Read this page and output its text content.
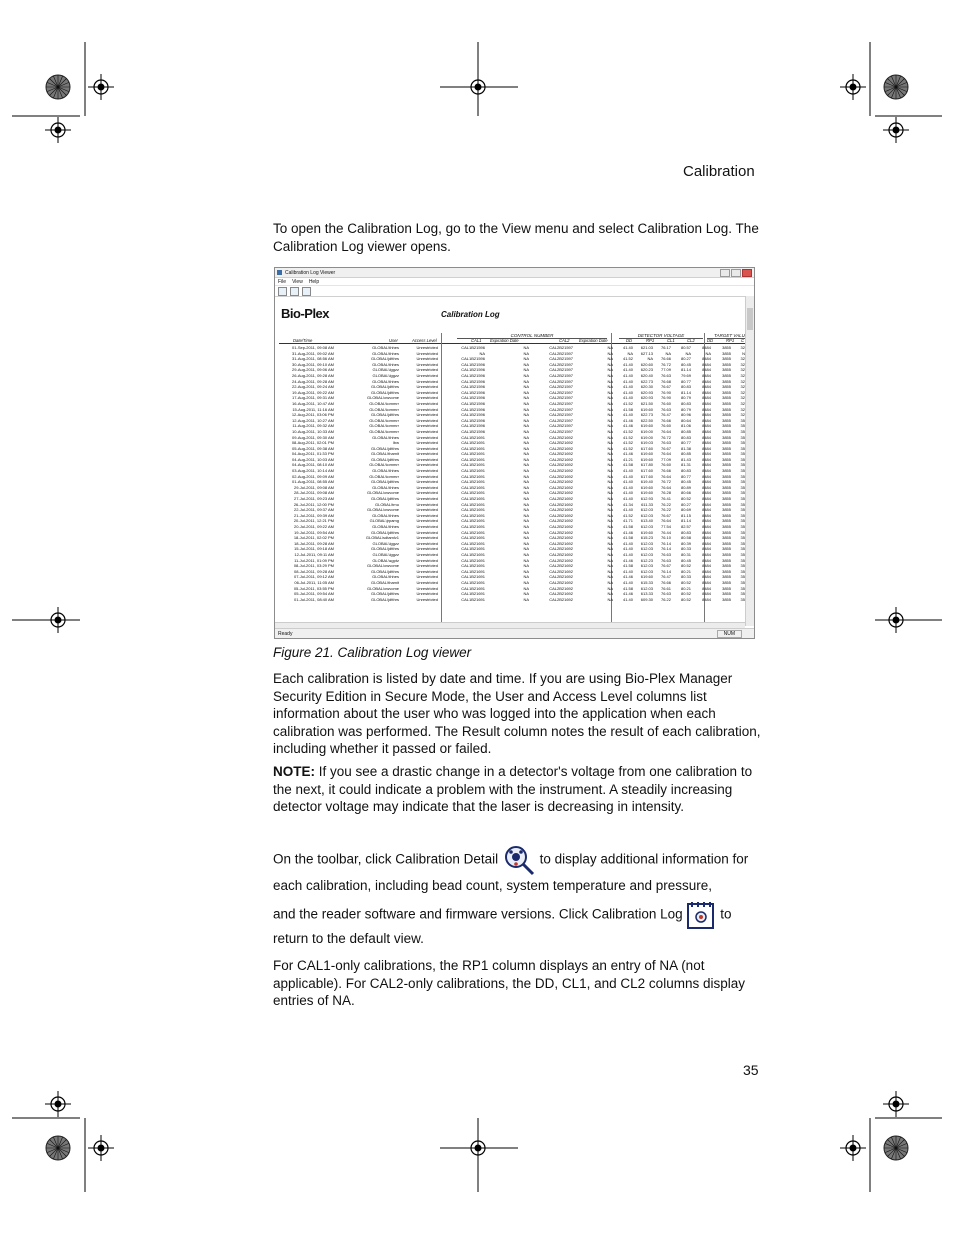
Calibration

To open the Calibration Log, go to the View menu and select Calibration Log. The Calibration Log viewer opens.

Calibration Log Viewer
File View Help
Bio-Plex	Calibration Log
CONTROL NUMBER	DETECTOR VOLTAGE	TARGET VALU
Date/Time	User	Access Level	CAL1 Expiration Date	CAL2 Expiration Date	DD	RP1	CL1	CL2	DD	RP1 C
01-Sep-2011, 09:08 AM	GLOBAL\thhes	Unrestricted	CAL1B21596	NA	CAL2B21597	NA	41.40	621.03	76.17	80.57	8484	3855	32
31-Aug-2011, 09:02 AM	GLOBAL\thhes	Unrestricted	NA	NA	CAL2B21597	NA	NA	627.13	NA	NA	NA	3855	N
31-Aug-2011, 08:56 AM	GLOBAL\jdtthrs	Unrestricted	CAL1B21596	NA	CAL2B21597	NA	41.52	NA	76.66	80.27	8484	3855	32
30-Aug-2011, 09:10 AM	GLOBAL\thhes	Unrestricted	CAL1B21596	NA	CAL2B21597	NA	41.40	620.60	76.72	80.45	8484	3855	32
29-Aug-2011, 09:06 AM	GLOBAL\lggzz	Unrestricted	CAL1B21596	NA	CAL2B21597	NA	41.40	620.23	77.09	81.14	8484	3855	32
26-Aug-2011, 09:28 AM	GLOBAL\lggzz	Unrestricted	CAL1B21596	NA	CAL2B21597	NA	41.40	620.40	76.63	79.69	8484	3855	32
24-Aug-2011, 09:28 AM	GLOBAL\thhes	Unrestricted	CAL1B21596	NA	CAL2B21597	NA	41.40	622.73	76.68	80.77	8484	3855	32
22-Aug-2011, 09:24 AM	GLOBAL\jdtthrs	Unrestricted	CAL1B21596	NA	CAL2B21597	NA	41.40	620.30	76.67	80.83	8484	3855	32
19-Aug-2011, 09:22 AM	GLOBAL\jdtthrs	Unrestricted	CAL1B21596	NA	CAL2B21597	NA	41.40	620.93	76.90	81.14	8484	3855	32
17-Aug-2011, 09:31 AM	GLOBAL\owvome	Unrestricted	CAL1B21596	NA	CAL2B21597	NA	41.40	620.93	76.90	80.79	8484	3855	32
16-Aug-2011, 10:47 AM	GLOBAL\tommrr	Unrestricted	CAL1B21596	NA	CAL2B21597	NA	41.52	621.50	76.60	80.83	8484	3855	32
15-Aug-2011, 11:16 AM	GLOBAL\tommrr	Unrestricted	CAL1B21596	NA	CAL2B21597	NA	41.58	619.60	76.63	80.79	8484	3855	32
12-Aug-2011, 03:06 PM	GLOBAL\jdtthrs	Unrestricted	CAL1B21596	NA	CAL2B21597	NA	41.40	622.73	76.47	80.96	8484	3855	32
12-Aug-2011, 10:27 AM	GLOBAL\tommrr	Unrestricted	CAL1B21596	NA	CAL2B21597	NA	41.46	622.50	76.66	80.64	8484	3855	35
11-Aug-2011, 09:32 AM	GLOBAL\tommrr	Unrestricted	CAL1B21596	NA	CAL2B21597	NA	41.46	619.60	76.60	81.06	8484	3855	35
10-Aug-2011, 10:33 AM	GLOBAL\tommrr	Unrestricted	CAL1B21596	NA	CAL2B21597	NA	41.52	619.00	76.64	80.85	8484	3855	35
09-Aug-2011, 09:30 AM	GLOBAL\thhes	Unrestricted	CAL1B21691	NA	CAL2B21692	NA	41.52	619.00	76.72	80.83	8484	3855	35
08-Aug-2011, 02:01 PM	lbw	Unrestricted	CAL1B21691	NA	CAL2B21692	NA	41.52	619.03	76.63	80.77	8484	3855	35
05-Aug-2011, 09:38 AM	GLOBAL\jdtthrs	Unrestricted	CAL1B21691	NA	CAL2B21692	NA	41.52	617.60	76.67	81.38	8484	3855	35
04-Aug-2011, 01:33 PM	GLOBAL\thamit	Unrestricted	CAL1B21691	NA	CAL2B21692	NA	41.46	619.60	76.64	80.85	8484	3855	35
04-Aug-2011, 10:03 AM	GLOBAL\jdtthrs	Unrestricted	CAL1B21691	NA	CAL2B21692	NA	41.21	619.60	77.09	81.43	8484	3855	35
04-Aug-2011, 08:10 AM	GLOBAL\tommrr	Unrestricted	CAL1B21691	NA	CAL2B21692	NA	41.58	617.80	76.60	81.31	8484	3855	35
03-Aug-2011, 10:14 AM	GLOBAL\thhes	Unrestricted	CAL1B21691	NA	CAL2B21692	NA	41.40	617.60	76.66	80.83	8484	3855	35
02-Aug-2011, 09:09 AM	GLOBAL\tommrr	Unrestricted	CAL1B21691	NA	CAL2B21692	NA	41.40	617.60	76.64	80.77	8484	3855	35
01-Aug-2011, 08:55 AM	GLOBAL\jdtthrs	Unrestricted	CAL1B21691	NA	CAL2B21692	NA	41.40	619.40	76.72	80.45	8484	3855	35
29-Jul-2011, 09:08 AM	GLOBAL\thhes	Unrestricted	CAL1B21691	NA	CAL2B21692	NA	41.40	619.60	76.64	80.89	8484	3855	35
28-Jul-2011, 09:08 AM	GLOBAL\owvome	Unrestricted	CAL1B21691	NA	CAL2B21692	NA	41.40	619.60	76.28	80.66	8484	3855	35
27-Jul-2011, 09:23 AM	GLOBAL\jdtthrs	Unrestricted	CAL1B21691	NA	CAL2B21692	NA	41.40	612.93	76.41	80.52	8484	3855	35
26-Jul-2011, 12:00 PM	GLOBAL\trnu	Unrestricted	CAL1B21691	NA	CAL2B21692	NA	41.34	611.33	76.22	80.27	8484	3855	35
22-Jul-2011, 09:37 AM	GLOBAL\owvome	Unrestricted	CAL1B21691	NA	CAL2B21692	NA	41.40	612.03	76.22	80.69	8484	3855	35
21-Jul-2011, 09:39 AM	GLOBAL\thhes	Unrestricted	CAL1B21691	NA	CAL2B21692	NA	41.52	612.03	76.67	81.15	8484	3855	35
20-Jul-2011, 12:21 PM	GLOBAL\jrpamg	Unrestricted	CAL1B21691	NA	CAL2B21692	NA	41.71	613.40	76.64	81.14	8484	3855	35
20-Jul-2011, 09:22 AM	GLOBAL\thhes	Unrestricted	CAL1B21691	NA	CAL2B21692	NA	41.58	612.03	77.54	82.57	8484	3855	35
19-Jul-2011, 09:54 AM	GLOBAL\jdtthrs	Unrestricted	CAL1B21691	NA	CAL2B21692	NA	41.46	619.60	76.44	80.83	8484	3855	35
18-Jul-2011, 02:02 PM	GLOBAL\sdtamlv1	Unrestricted	CAL1B21691	NA	CAL2B21692	NA	41.58	615.23	76.10	80.58	8484	3855	35
18-Jul-2011, 09:28 AM	GLOBAL\lggzz	Unrestricted	CAL1B21691	NA	CAL2B21692	NA	41.40	612.03	76.14	80.39	8484	3855	35
15-Jul-2011, 09:18 AM	GLOBAL\jdtthrs	Unrestricted	CAL1B21691	NA	CAL2B21692	NA	41.40	612.03	76.14	80.33	8484	3855	35
12-Jul-2011, 09:11 AM	GLOBAL\lggzz	Unrestricted	CAL1B21691	NA	CAL2B21692	NA	41.40	612.03	76.63	80.31	8484	3855	35
11-Jul-2011, 01:09 PM	GLOBAL\sgptz	Unrestricted	CAL1B21691	NA	CAL2B21692	NA	41.46	612.23	76.63	80.45	8484	3855	35
08-Jul-2011, 03:29 PM	GLOBAL\owvome	Unrestricted	CAL1B21691	NA	CAL2B21692	NA	41.58	612.03	76.67	80.52	8484	3855	35
08-Jul-2011, 09:28 AM	GLOBAL\jdtthrs	Unrestricted	CAL1B21691	NA	CAL2B21692	NA	41.40	612.03	76.14	80.21	8484	3855	35
07-Jul-2011, 09:12 AM	GLOBAL\thhes	Unrestricted	CAL1B21691	NA	CAL2B21692	NA	41.46	619.60	76.47	80.33	8484	3855	35
06-Jul-2011, 11:05 AM	GLOBAL\thamit	Unrestricted	CAL1B21691	NA	CAL2B21692	NA	41.40	615.33	76.66	80.52	8484	3855	35
05-Jul-2011, 03:55 PM	GLOBAL\owvome	Unrestricted	CAL1B21691	NA	CAL2B21692	NA	41.58	612.03	76.61	80.21	8484	3855	35
05-Jul-2011, 09:54 AM	GLOBAL\jdtthrs	Unrestricted	CAL1B21691	NA	CAL2B21692	NA	41.46	613.33	76.63	80.52	8484	3855	35
01-Jul-2011, 08:40 AM	GLOBAL\jdtthrs	Unrestricted	CAL1B21691	NA	CAL2B21692	NA	41.40	609.30	76.22	80.52	8484	3855	35
Ready	NUM
Figure 21. Calibration Log viewer

Each calibration is listed by date and time. If you are using Bio-Plex Manager Security Edition in Secure Mode, the User and Access Level columns list information about the user who was logged into the application when each calibration was performed. The Result column notes the result of each calibration, including whether it passed or failed.

NOTE: If you see a drastic change in a detector's voltage from one calibration to the next, it could indicate a problem with the instrument. A steadily increasing detector voltage may indicate that the laser is decreasing in intensity.

On the toolbar, click Calibration Detail	to display additional information for each calibration, including bead count, system temperature and pressure,

and the reader software and firmware versions. Click Calibration Log	to return to the default view.

For CAL1-only calibrations, the RP1 column displays an entry of NA (not applicable). For CAL2-only calibrations, the DD, CL1, and CL2 columns display entries of NA.

35
